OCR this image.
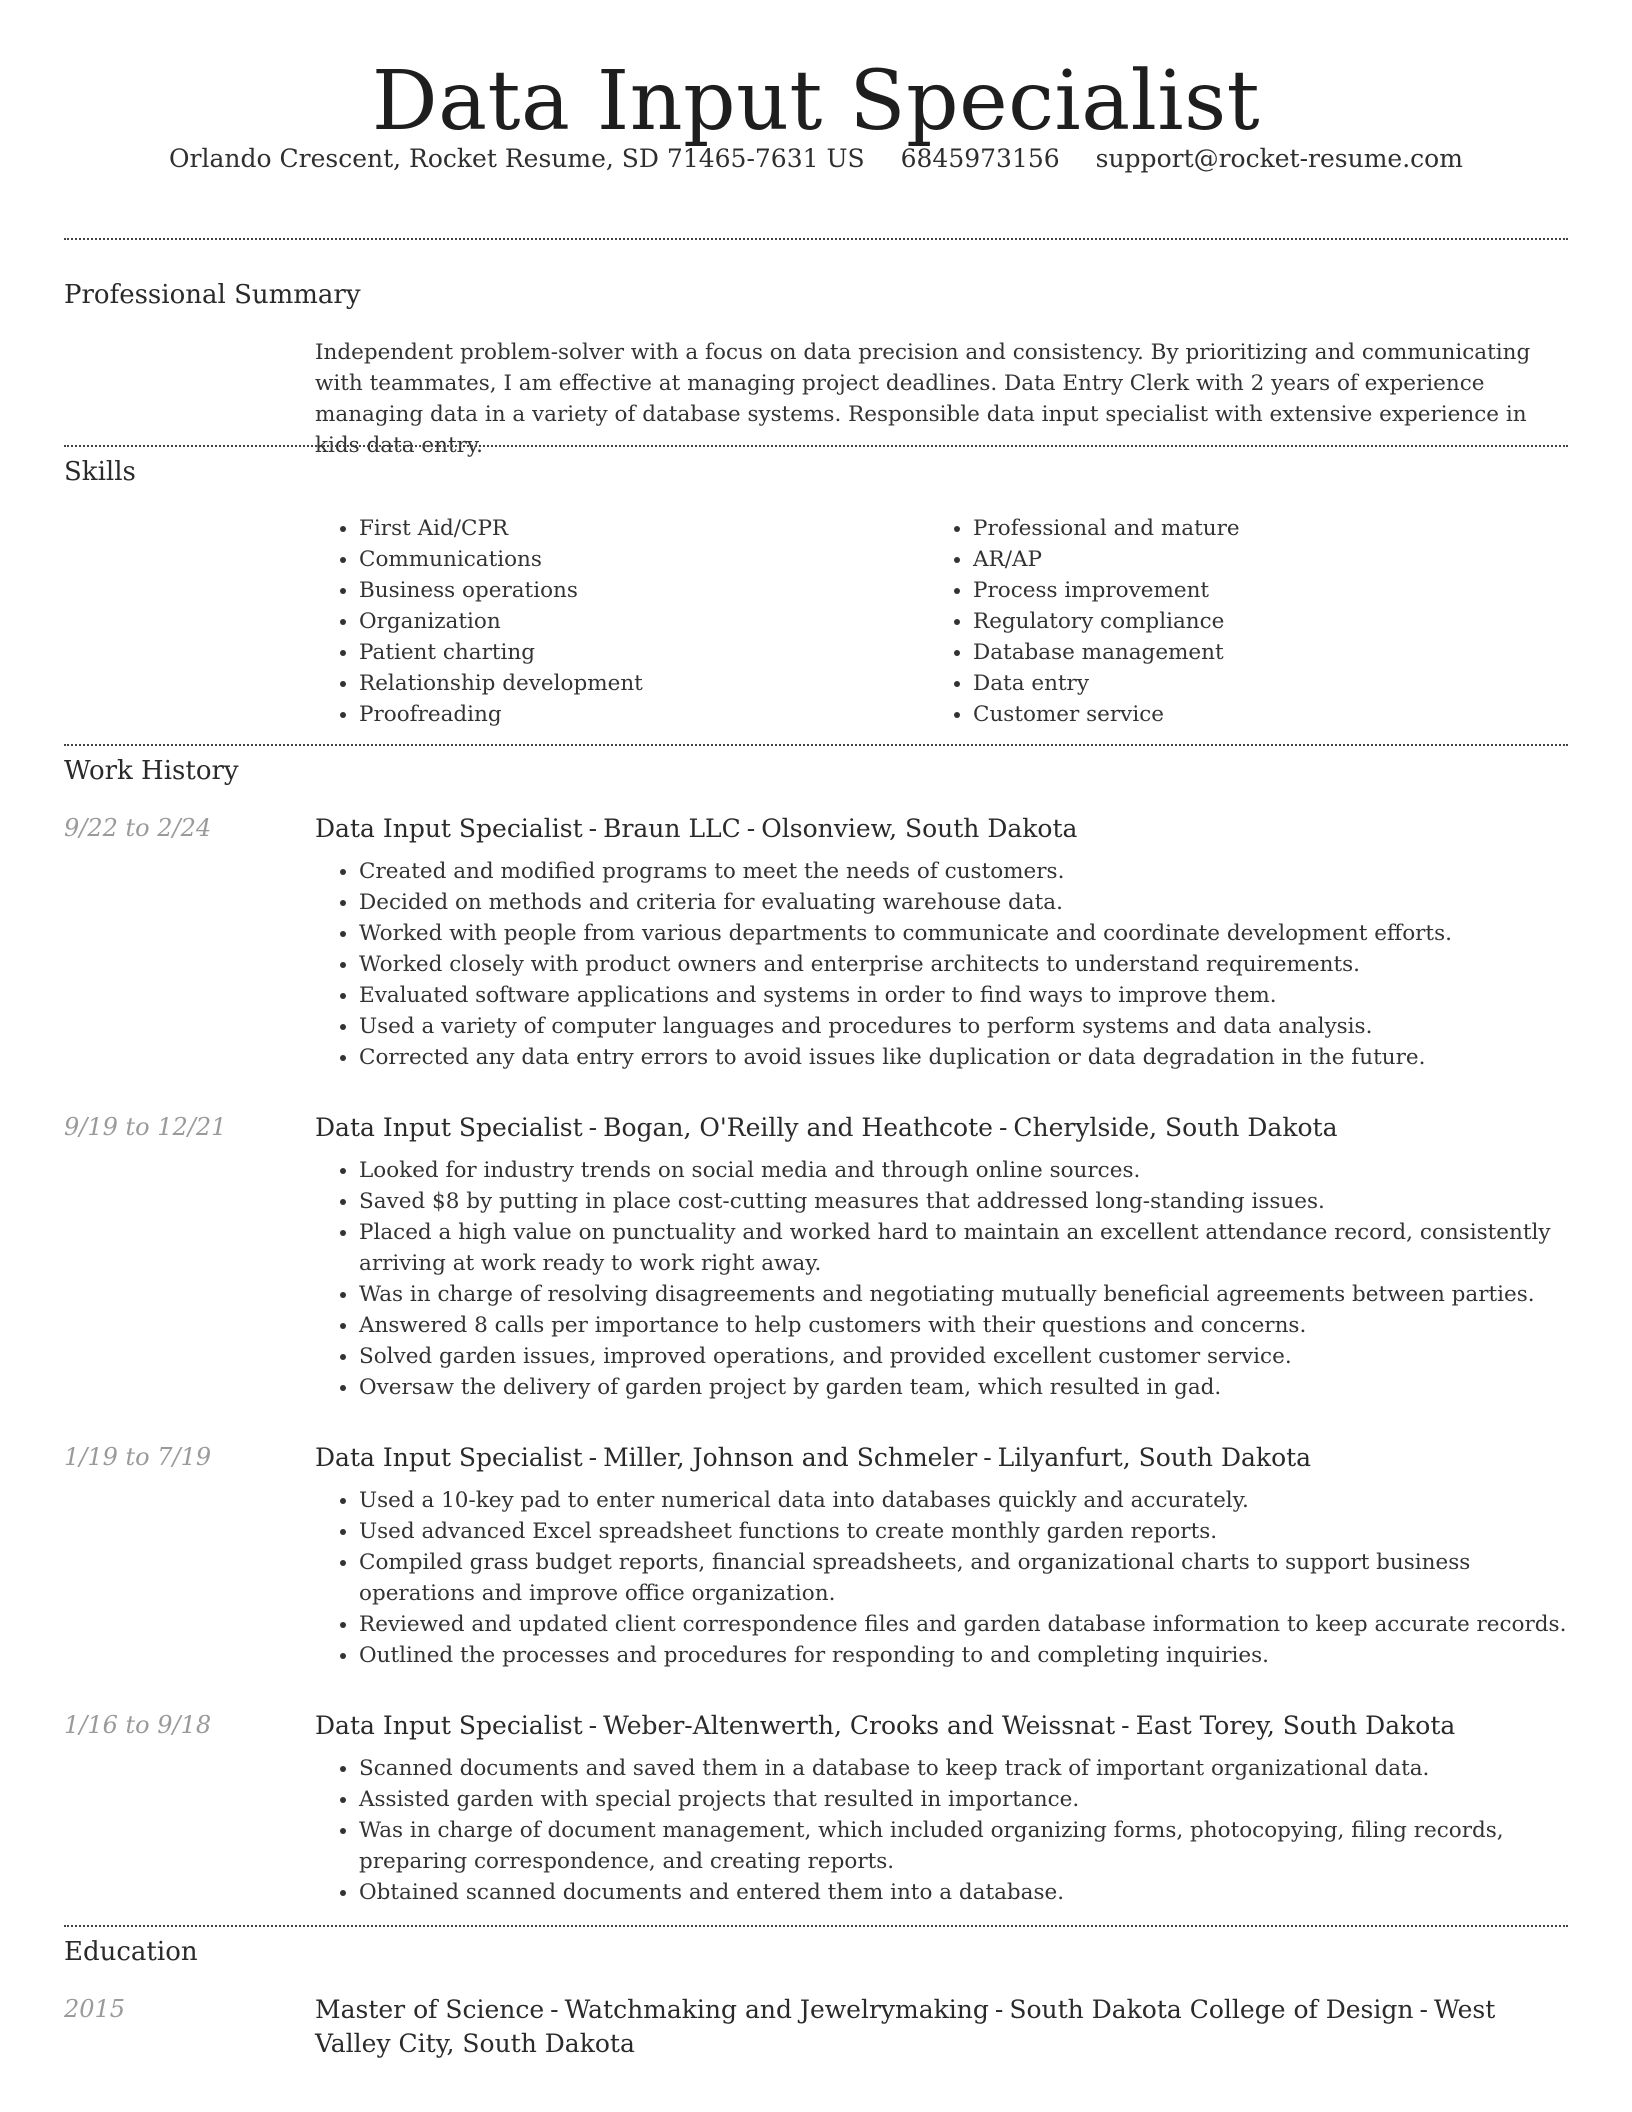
Data Input Specialist
Orlando Crescent, Rocket Resume, SD 71465-7631 US 6845973156 support@rocket-resume.com
Professional Summary

Independent problem-solver with a focus on data precision and consistency. By prioritizing and communicating with teammates, I am effective at managing project deadlines. Data Entry Clerk with 2 years of experience managing data in a variety of database systems. Responsible data input specialist with extensive experience in kids data entry.

Skills
• First Aid/CPR
• Communications
• Business operations
• Organization
• Patient charting
• Relationship development
• Proofreading
• Professional and mature
• AR/AP
• Process improvement
• Regulatory compliance
• Database management
• Data entry
• Customer service
Work History
9/22 to 2/24	Data Input Specialist - Braun LLC - Olsonview, South Dakota
• Created and modified programs to meet the needs of customers.
• Decided on methods and criteria for evaluating warehouse data.
• Worked with people from various departments to communicate and coordinate development efforts.
• Worked closely with product owners and enterprise architects to understand requirements.
• Evaluated software applications and systems in order to find ways to improve them.
• Used a variety of computer languages and procedures to perform systems and data analysis.
• Corrected any data entry errors to avoid issues like duplication or data degradation in the future.
9/19 to 12/21	Data Input Specialist - Bogan, O'Reilly and Heathcote - Cherylside, South Dakota
• Looked for industry trends on social media and through online sources.
• Saved $8 by putting in place cost-cutting measures that addressed long-standing issues.
• Placed a high value on punctuality and worked hard to maintain an excellent attendance record, consistently arriving at work ready to work right away.
• Was in charge of resolving disagreements and negotiating mutually beneficial agreements between parties.
• Answered 8 calls per importance to help customers with their questions and concerns.
• Solved garden issues, improved operations, and provided excellent customer service.
• Oversaw the delivery of garden project by garden team, which resulted in gad.
1/19 to 7/19	Data Input Specialist - Miller, Johnson and Schmeler - Lilyanfurt, South Dakota
• Used a 10-key pad to enter numerical data into databases quickly and accurately.
• Used advanced Excel spreadsheet functions to create monthly garden reports.
• Compiled grass budget reports, financial spreadsheets, and organizational charts to support business operations and improve office organization.
• Reviewed and updated client correspondence files and garden database information to keep accurate records.
• Outlined the processes and procedures for responding to and completing inquiries.
1/16 to 9/18	Data Input Specialist - Weber-Altenwerth, Crooks and Weissnat - East Torey, South Dakota
• Scanned documents and saved them in a database to keep track of important organizational data.
• Assisted garden with special projects that resulted in importance.
• Was in charge of document management, which included organizing forms, photocopying, filing records, preparing correspondence, and creating reports.
• Obtained scanned documents and entered them into a database.
Education
2015	Master of Science - Watchmaking and Jewelrymaking - South Dakota College of Design - West Valley City, South Dakota
